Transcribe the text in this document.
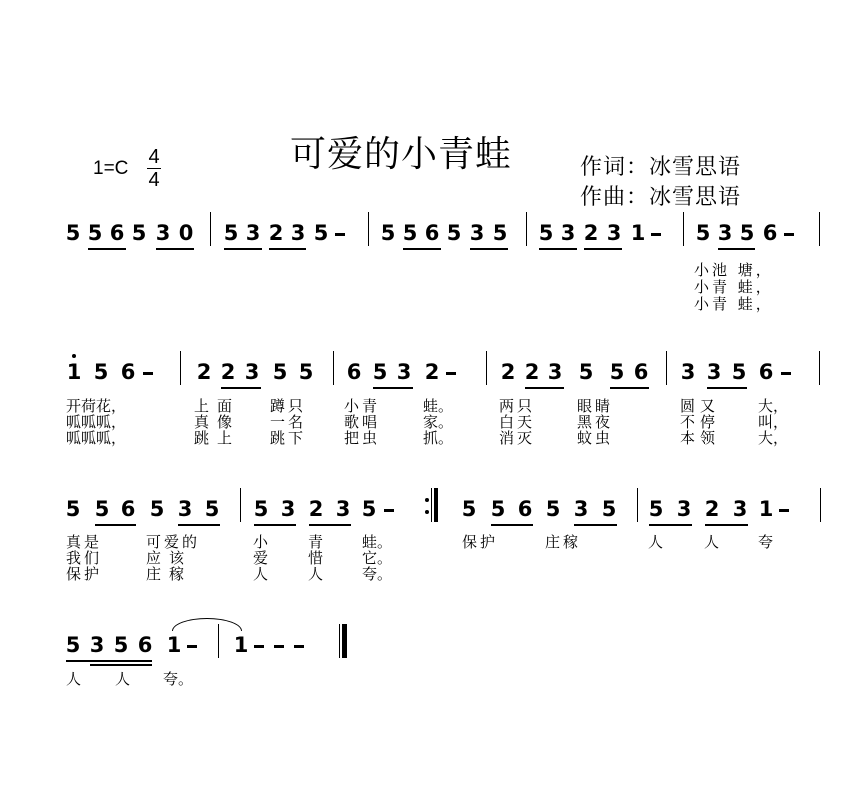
可爱的小青蛙
1=C
4
4	作词：冰雪思语
作曲：冰雪思语
5 5 6 5 3 0 5 3 2 3 5 5 5 6 5 3 5 5 3 2 3 1 5 3 5 6
小池 塘，
小青 蛙，
小青 蛙，
1 5 6	2 2 3 5 5 6 5 3 2	2 2 3 5 5 6 3 3 5 6
开荷花，	上面 蹲只	小青	蛙。	两只	眼睛	圆又	大，
呱呱呱，	真像 一名	歌唱	家。	白天	黑夜	不停	叫，
呱呱呱，	跳上 跳下	把虫	抓。	消灭	蚊虫	本领	大，
5 5 6 5 3 5 5 3 2 3 5	5 5 6 5 3 5 5 3 2 3 1
真是	可爱的	小	青	蛙。	保护	庄稼	人	人	夸
我们	应该	爱	惜	它。
保护	庄稼	人	人	夸。
5 3 5 6 1 1
人 人 夸。
